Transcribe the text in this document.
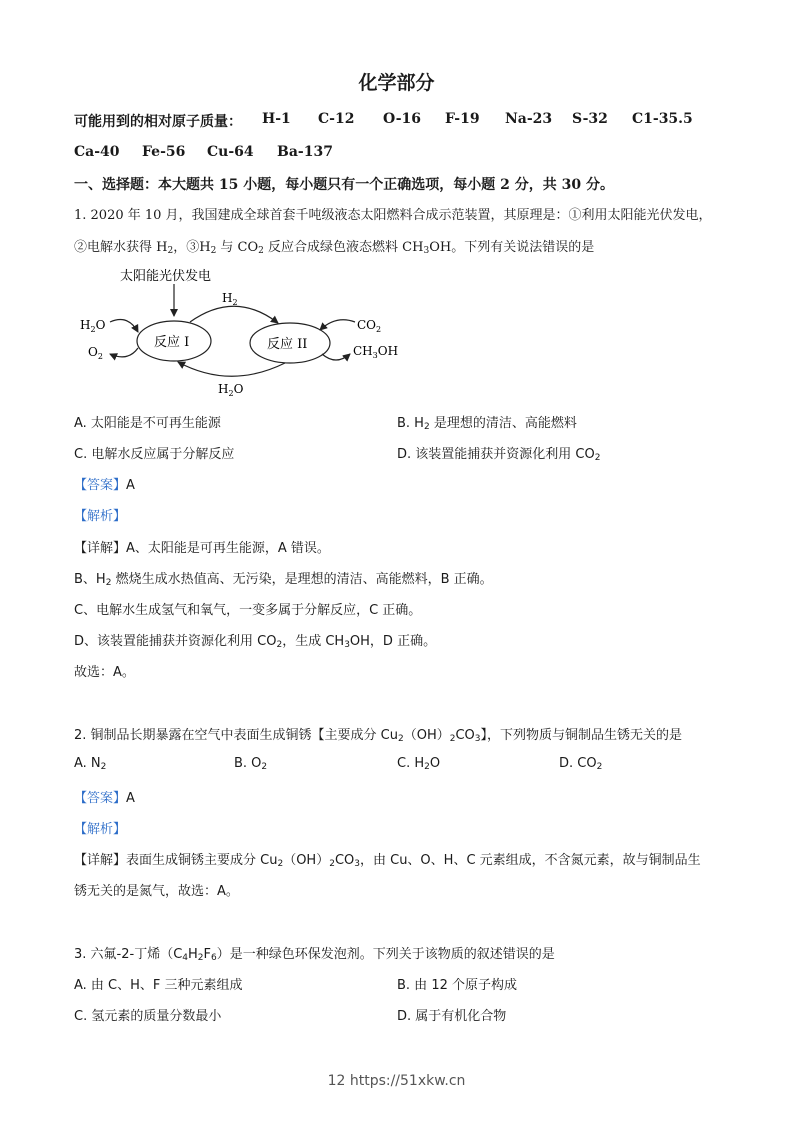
化学部分
可能用到的相对原子质量： H-1 C-12 O-16 F-19 Na-23 S-32 C1-35.5
Ca-40 Fe-56 Cu-64 Ba-137
一、选择题：本大题共 15 小题，每小题只有一个正确选项，每小题 2 分，共 30 分。
1. 2020 年 10 月，我国建成全球首套千吨级液态太阳燃料合成示范装置，其原理是：①利用太阳能光伏发电，
②电解水获得 $H_2$，$③H_2$ 与 $CO_2$ 反应合成绿色液态燃料 $CH_3OH$。下列有关说法错误的是
太阳能光伏发电
反应 I	反应 II
$H_2$
$H_2O$
$H_2O$
$O_2$
$CO_2$
$CH_3OH$
A. 太阳能是不可再生能源	B. $H_2$ 是理想的清洁、高能燃料
C. 电解水反应属于分解反应	D. 该装置能捕获并资源化利用 $CO_2$
【答案】A
【解析】
【详解】A、太阳能是可再生能源，A 错误。
B、$H_2$ 燃烧生成水热值高、无污染，是理想的清洁、高能燃料，B 正确。
C、电解水生成氢气和氧气，一变多属于分解反应，C 正确。
D、该装置能捕获并资源化利用 $CO_2$，生成 $CH_3OH$，D 正确。
故选：A。
2. 铜制品长期暴露在空气中表面生成铜锈【主要成分 $Cu_2(OH)_2CO_3$】，下列物质与铜制品生锈无关的是
A. $N_2$	B. $O_2$	C. $H_2O$	D. $CO_2$
【答案】A
【解析】
【详解】表面生成铜锈主要成分 $Cu_2(OH)_2CO_3$，由 Cu、O、H、C 元素组成，不含氮元素，故与铜制品生
锈无关的是氮气，故选：A。
3. 六氟-2-丁烯$(C_4H_2F_6)$是一种绿色环保发泡剂。下列关于该物质的叙述错误的是
A. 由 C、H、F 三种元素组成	B. 由 12 个原子构成
C. 氢元素的质量分数最小	D. 属于有机化合物
12 https://51xkw.cn
